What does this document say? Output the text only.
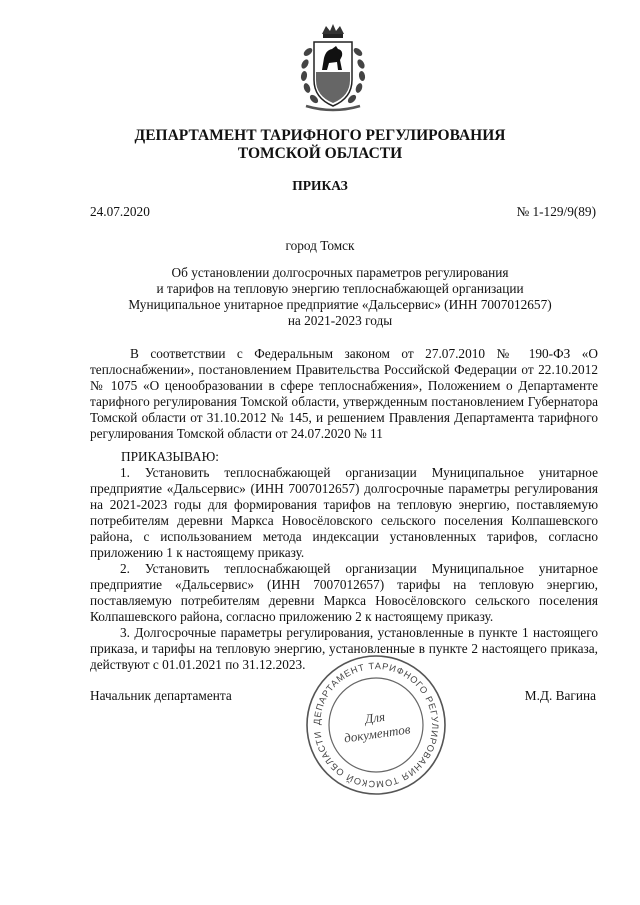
ДЕПАРТАМЕНТ ТАРИФНОГО РЕГУЛИРОВАНИЯ
ТОМСКОЙ ОБЛАСТИ
ПРИКАЗ
24.07.2020	№ 1-129/9(89)
город Томск
Об установлении долгосрочных параметров регулирования
и тарифов на тепловую энергию теплоснабжающей организации
Муниципальное унитарное предприятие «Дальсервис» (ИНН 7007012657)
на 2021-2023 годы
В соответствии с Федеральным законом от 27.07.2010 № 190-ФЗ «О теплоснабжении», постановлением Правительства Российской Федерации от 22.10.2012 № 1075 «О ценообразовании в сфере теплоснабжения», Положением о Департаменте тарифного регулирования Томской области, утвержденным постановлением Губернатора Томской области от 31.10.2012 № 145, и решением Правления Департамента тарифного регулирования Томской области от 24.07.2020 № 11
ПРИКАЗЫВАЮ:
1. Установить теплоснабжающей организации Муниципальное унитарное предприятие «Дальсервис» (ИНН 7007012657) долгосрочные параметры регулирования на 2021-2023 годы для формирования тарифов на тепловую энергию, поставляемую потребителям деревни Маркса Новосёловского сельского поселения Колпашевского района, с использованием метода индексации установленных тарифов, согласно приложению 1 к настоящему приказу.
2. Установить теплоснабжающей организации Муниципальное унитарное предприятие «Дальсервис» (ИНН 7007012657) тарифы на тепловую энергию, поставляемую потребителям деревни Маркса Новосёловского сельского поселения Колпашевского района, согласно приложению 2 к настоящему приказу.
3. Долгосрочные параметры регулирования, установленные в пункте 1 настоящего приказа, и тарифы на тепловую энергию, установленные в пункте 2 настоящего приказа, действуют с 01.01.2021 по 31.12.2023.
Начальник департамента	М.Д. Вагина
ДЕПАРТАМЕНТ ТАРИФНОГО РЕГУЛИРОВАНИЯ ТОМСКОЙ ОБЛАСТИ
Для
документов
